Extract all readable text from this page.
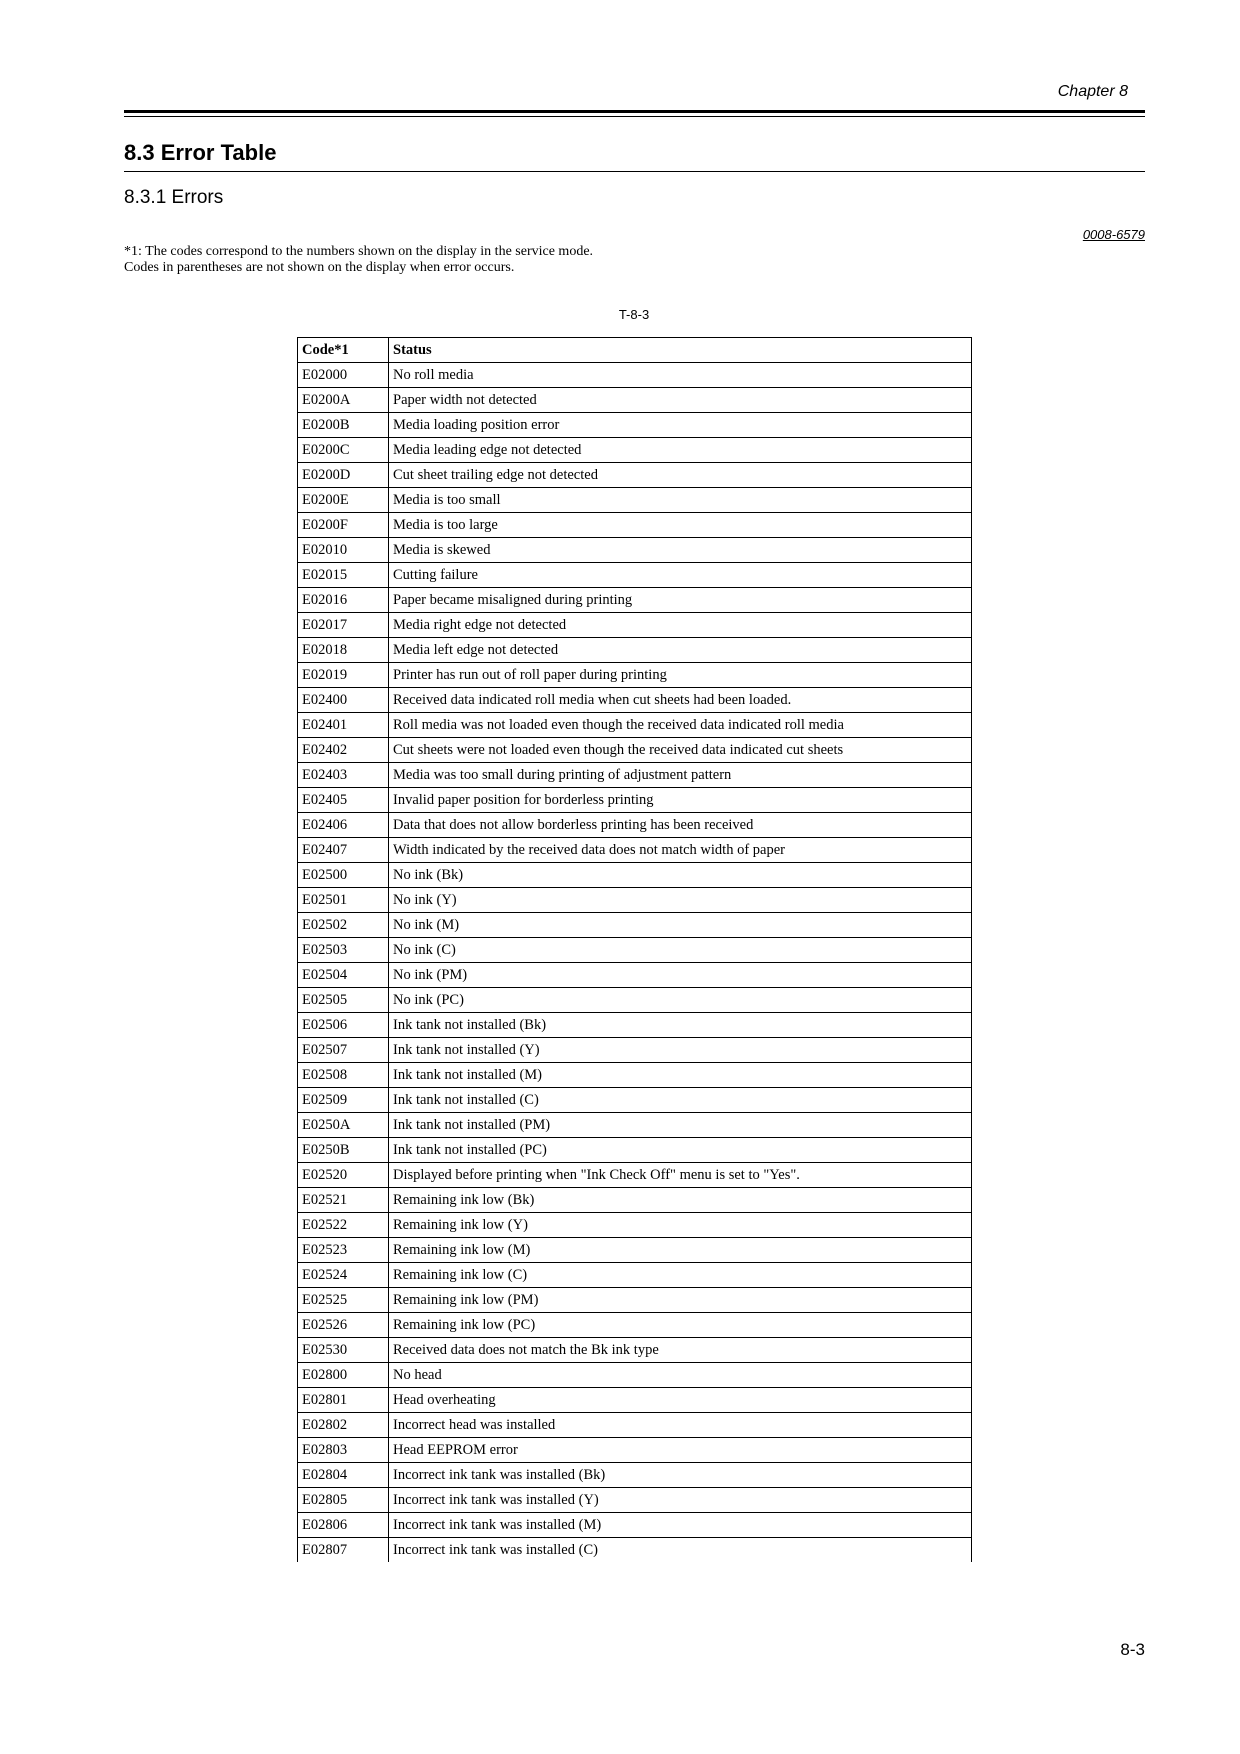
Chapter 8
8.3 Error Table
8.3.1 Errors
0008-6579
*1: The codes correspond to the numbers shown on the display in the service mode.
Codes in parentheses are not shown on the display when error occurs.
T-8-3
Code*1	Status
E02000	No roll media
E0200A	Paper width not detected
E0200B	Media loading position error
E0200C	Media leading edge not detected
E0200D	Cut sheet trailing edge not detected
E0200E	Media is too small
E0200F	Media is too large
E02010	Media is skewed
E02015	Cutting failure
E02016	Paper became misaligned during printing
E02017	Media right edge not detected
E02018	Media left edge not detected
E02019	Printer has run out of roll paper during printing
E02400	Received data indicated roll media when cut sheets had been loaded.
E02401	Roll media was not loaded even though the received data indicated roll media
E02402	Cut sheets were not loaded even though the received data indicated cut sheets
E02403	Media was too small during printing of adjustment pattern
E02405	Invalid paper position for borderless printing
E02406	Data that does not allow borderless printing has been received
E02407	Width indicated by the received data does not match width of paper
E02500	No ink (Bk)
E02501	No ink (Y)
E02502	No ink (M)
E02503	No ink (C)
E02504	No ink (PM)
E02505	No ink (PC)
E02506	Ink tank not installed (Bk)
E02507	Ink tank not installed (Y)
E02508	Ink tank not installed (M)
E02509	Ink tank not installed (C)
E0250A	Ink tank not installed (PM)
E0250B	Ink tank not installed (PC)
E02520	Displayed before printing when "Ink Check Off" menu is set to "Yes".
E02521	Remaining ink low (Bk)
E02522	Remaining ink low (Y)
E02523	Remaining ink low (M)
E02524	Remaining ink low (C)
E02525	Remaining ink low (PM)
E02526	Remaining ink low (PC)
E02530	Received data does not match the Bk ink type
E02800	No head
E02801	Head overheating
E02802	Incorrect head was installed
E02803	Head EEPROM error
E02804	Incorrect ink tank was installed (Bk)
E02805	Incorrect ink tank was installed (Y)
E02806	Incorrect ink tank was installed (M)
E02807	Incorrect ink tank was installed (C)
8-3
